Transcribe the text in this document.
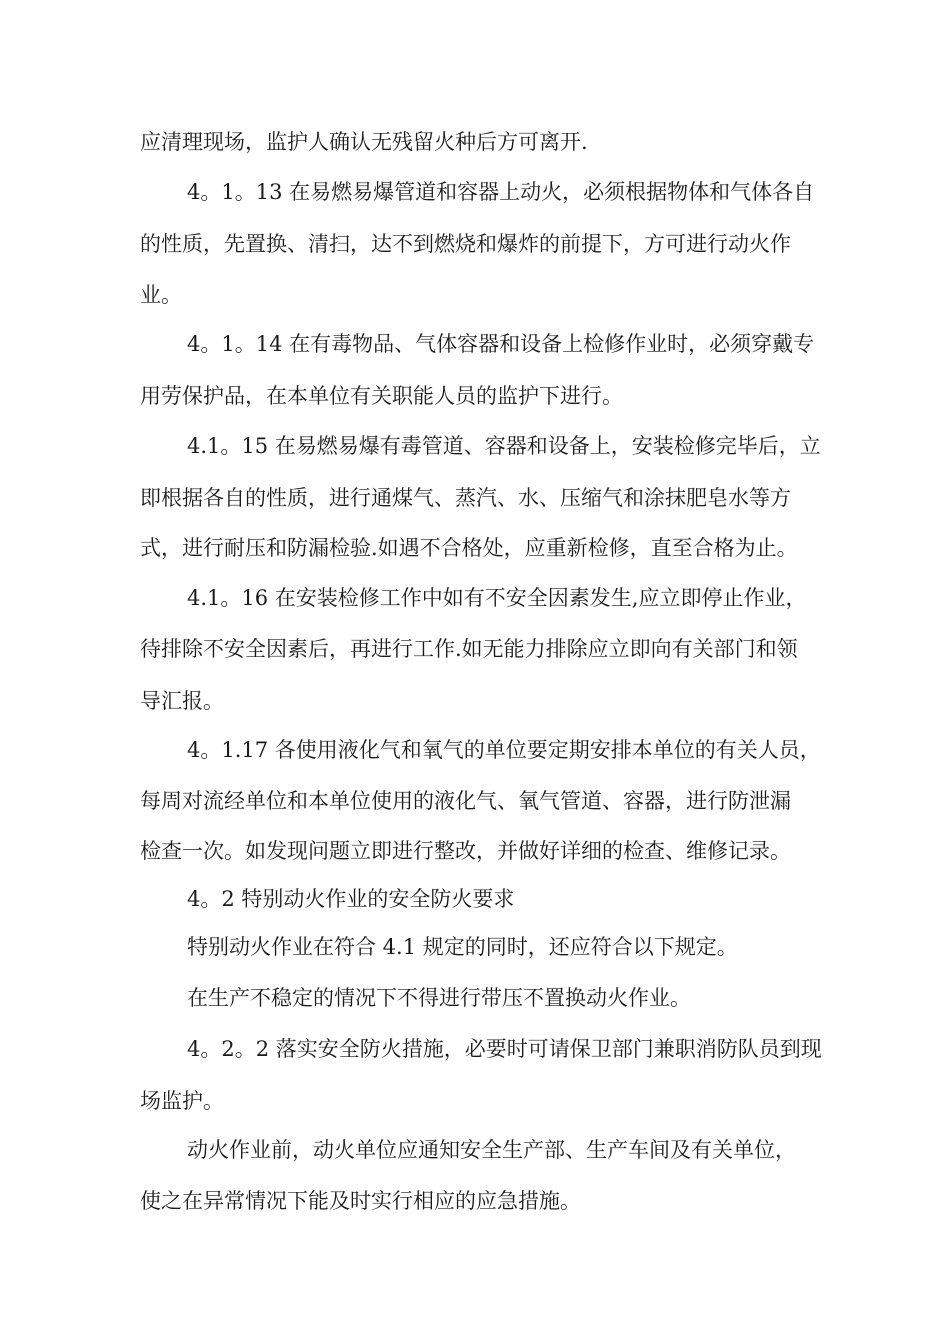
应清理现场，监护人确认无残留火种后方可离开.
4。1。13 在易燃易爆管道和容器上动火，必须根据物体和气体各自
的性质，先置换、清扫，达不到燃烧和爆炸的前提下，方可进行动火作
业。
4。1。14 在有毒物品、气体容器和设备上检修作业时，必须穿戴专
用劳保护品，在本单位有关职能人员的监护下进行。
4.1。15 在易燃易爆有毒管道、容器和设备上，安装检修完毕后，立
即根据各自的性质，进行通煤气、蒸汽、水、压缩气和涂抹肥皂水等方
式，进行耐压和防漏检验.如遇不合格处，应重新检修，直至合格为止。
4.1。16 在安装检修工作中如有不安全因素发生,应立即停止作业，
待排除不安全因素后，再进行工作.如无能力排除应立即向有关部门和领
导汇报。
4。1.17 各使用液化气和氧气的单位要定期安排本单位的有关人员，
每周对流经单位和本单位使用的液化气、氧气管道、容器，进行防泄漏
检查一次。如发现问题立即进行整改，并做好详细的检查、维修记录。
4。2 特别动火作业的安全防火要求
特别动火作业在符合 4.1 规定的同时，还应符合以下规定。
在生产不稳定的情况下不得进行带压不置换动火作业。
4。2。2 落实安全防火措施，必要时可请保卫部门兼职消防队员到现
场监护。
动火作业前，动火单位应通知安全生产部、生产车间及有关单位，
使之在异常情况下能及时实行相应的应急措施。
